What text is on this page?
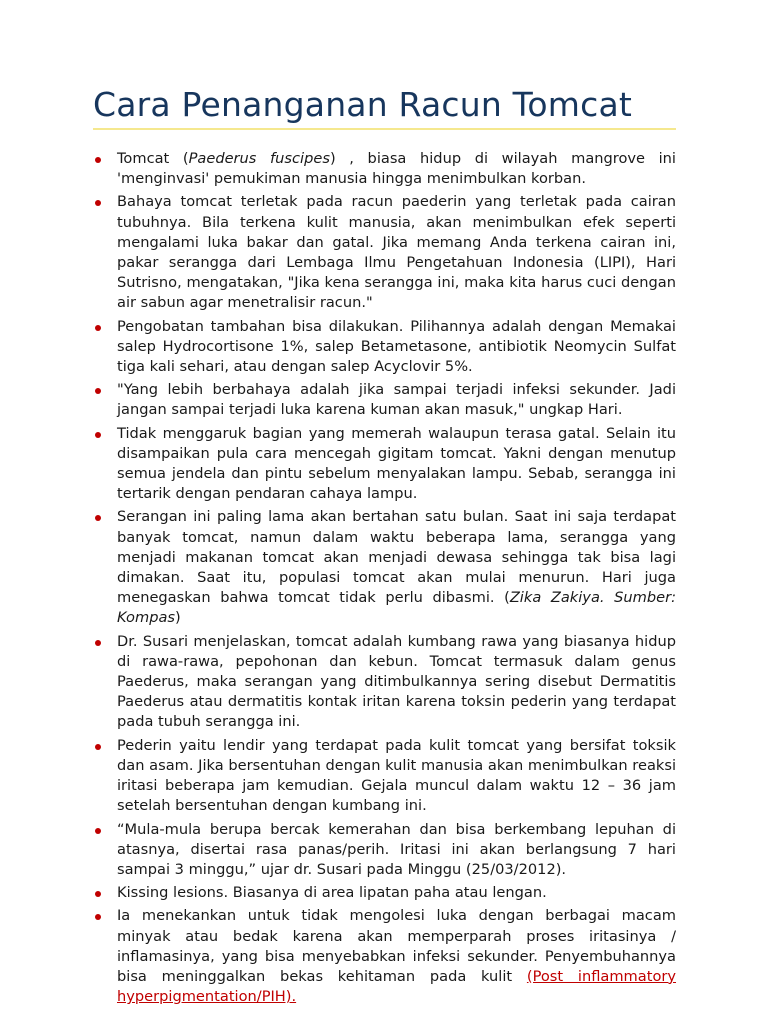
Cara Penanganan Racun Tomcat
Tomcat (Paederus fuscipes) , biasa hidup di wilayah mangrove ini 'menginvasi' pemukiman manusia hingga menimbulkan korban.
Bahaya tomcat terletak pada racun paederin yang terletak pada cairan tubuhnya. Bila terkena kulit manusia, akan menimbulkan efek seperti mengalami luka bakar dan gatal. Jika memang Anda terkena cairan ini, pakar serangga dari Lembaga Ilmu Pengetahuan Indonesia (LIPI), Hari Sutrisno, mengatakan, "Jika kena serangga ini, maka kita harus cuci dengan air sabun agar menetralisir racun."
Pengobatan tambahan bisa dilakukan. Pilihannya adalah dengan Memakai salep Hydrocortisone 1%, salep Betametasone, antibiotik Neomycin Sulfat tiga kali sehari, atau dengan salep Acyclovir 5%.
"Yang lebih berbahaya adalah jika sampai terjadi infeksi sekunder. Jadi jangan sampai terjadi luka karena kuman akan masuk," ungkap Hari.
Tidak menggaruk bagian yang memerah walaupun terasa gatal. Selain itu disampaikan pula cara mencegah gigitam tomcat. Yakni dengan menutup semua jendela dan pintu sebelum menyalakan lampu. Sebab, serangga ini tertarik dengan pendaran cahaya lampu.
Serangan ini paling lama akan bertahan satu bulan. Saat ini saja terdapat banyak tomcat, namun dalam waktu beberapa lama, serangga yang menjadi makanan tomcat akan menjadi dewasa sehingga tak bisa lagi dimakan. Saat itu, populasi tomcat akan mulai menurun. Hari juga menegaskan bahwa tomcat tidak perlu dibasmi. (Zika Zakiya. Sumber: Kompas)
Dr. Susari menjelaskan, tomcat adalah kumbang rawa yang biasanya hidup di rawa-rawa, pepohonan dan kebun. Tomcat termasuk dalam genus Paederus, maka serangan yang ditimbulkannya sering disebut Dermatitis Paederus atau dermatitis kontak iritan karena toksin pederin yang terdapat pada tubuh serangga ini.
Pederin yaitu lendir yang terdapat pada kulit tomcat yang bersifat toksik dan asam. Jika bersentuhan dengan kulit manusia akan menimbulkan reaksi iritasi beberapa jam kemudian. Gejala muncul dalam waktu 12 – 36 jam setelah bersentuhan dengan kumbang ini.
“Mula-mula berupa bercak kemerahan dan bisa berkembang lepuhan di atasnya, disertai rasa panas/perih. Iritasi ini akan berlangsung 7 hari sampai 3 minggu,” ujar dr. Susari pada Minggu (25/03/2012).
Kissing lesions. Biasanya di area lipatan paha atau lengan.
Ia menekankan untuk tidak mengolesi luka dengan berbagai macam minyak atau bedak karena akan memperparah proses iritasinya / inflamasinya, yang bisa menyebabkan infeksi sekunder. Penyembuhannya bisa meninggalkan bekas kehitaman pada kulit (Post inflammatory hyperpigmentation/PIH).
